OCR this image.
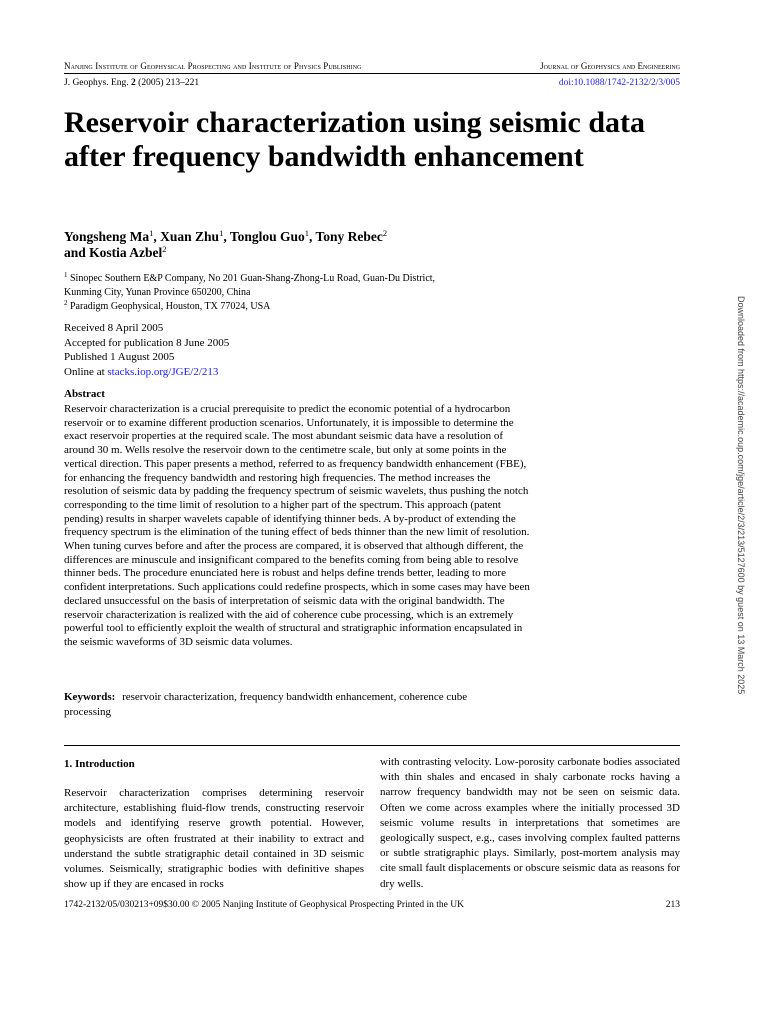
Nanjing Institute of Geophysical Prospecting and Institute of Physics Publishing	Journal of Geophysics and Engineering
J. Geophys. Eng. 2 (2005) 213–221	doi:10.1088/1742-2132/2/3/005
Reservoir characterization using seismic data after frequency bandwidth enhancement
Yongsheng Ma$^1$, Xuan Zhu$^1$, Tonglou Guo$^1$, Tony Rebec$^2$
and Kostia Azbel$^2$
$^1$ Sinopec Southern E&P Company, No 201 Guan-Shang-Zhong-Lu Road, Guan-Du District,
Kunming City, Yunan Province 650200, China
$^2$ Paradigm Geophysical, Houston, TX 77024, USA
Received 8 April 2005
Accepted for publication 8 June 2005
Published 1 August 2005
Online at stacks.iop.org/JGE/2/213
Abstract
Reservoir characterization is a crucial prerequisite to predict the economic potential of a hydrocarbon reservoir or to examine different production scenarios. Unfortunately, it is impossible to determine the exact reservoir properties at the required scale. The most abundant seismic data have a resolution of around 30 m. Wells resolve the reservoir down to the centimetre scale, but only at some points in the vertical direction. This paper presents a method, referred to as frequency bandwidth enhancement (FBE), for enhancing the frequency bandwidth and restoring high frequencies. The method increases the resolution of seismic data by padding the frequency spectrum of seismic wavelets, thus pushing the notch corresponding to the time limit of resolution to a higher part of the spectrum. This approach (patent pending) results in sharper wavelets capable of identifying thinner beds. A by-product of extending the frequency spectrum is the elimination of the tuning effect of beds thinner than the new limit of resolution. When tuning curves before and after the process are compared, it is observed that although different, the differences are minuscule and insignificant compared to the benefits coming from being able to resolve thinner beds. The procedure enunciated here is robust and helps define trends better, leading to more confident interpretations. Such applications could redefine prospects, which in some cases may have been declared unsuccessful on the basis of interpretation of seismic data with the original bandwidth. The reservoir characterization is realized with the aid of coherence cube processing, which is an extremely powerful tool to efficiently exploit the wealth of structural and stratigraphic information encapsulated in the seismic waveforms of 3D seismic data volumes.
Keywords: reservoir characterization, frequency bandwidth enhancement, coherence cube processing
1. Introduction

Reservoir characterization comprises determining reservoir architecture, establishing fluid-flow trends, constructing reservoir models and identifying reserve growth potential. However, geophysicists are often frustrated at their inability to extract and understand the subtle stratigraphic detail contained in 3D seismic volumes. Seismically, stratigraphic bodies with definitive shapes show up if they are encased in rocks

with contrasting velocity. Low-porosity carbonate bodies associated with thin shales and encased in shaly carbonate rocks having a narrow frequency bandwidth may not be seen on seismic data. Often we come across examples where the initially processed 3D seismic volume results in interpretations that sometimes are geologically suspect, e.g., cases involving complex faulted patterns or subtle stratigraphic plays. Similarly, post-mortem analysis may cite small fault displacements or obscure seismic data as reasons for dry wells.

1742-2132/05/030213+09$30.00 © 2005 Nanjing Institute of Geophysical Prospecting Printed in the UK	213
Downloaded from https://academic.oup.com/jge/article/2/3/213/5127600 by guest on 13 March 2025
